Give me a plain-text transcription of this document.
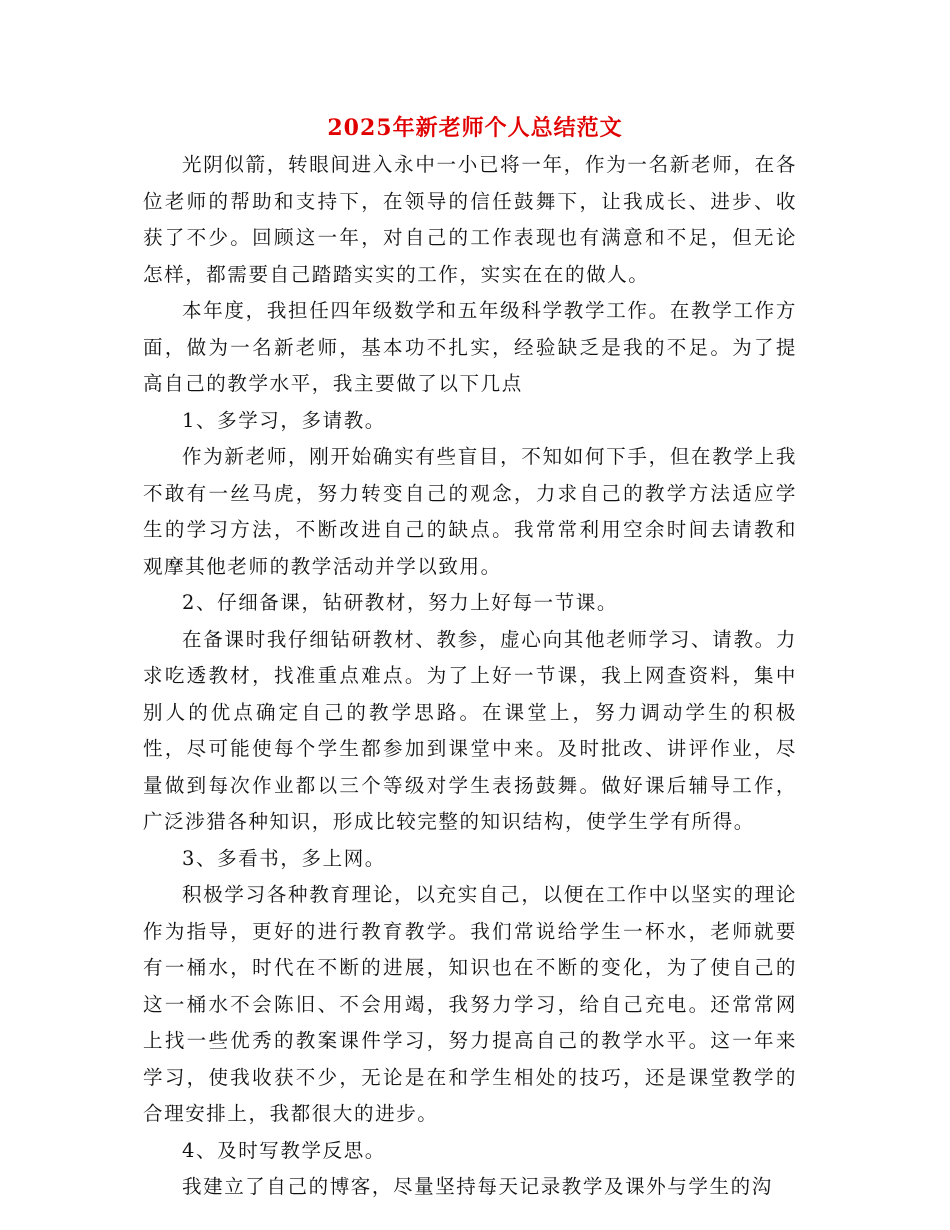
2025年新老师个人总结范文

光阴似箭，转眼间进入永中一小已将一年，作为一名新老师，在各位老师的帮助和支持下，在领导的信任鼓舞下，让我成长、进步、收获了不少。回顾这一年，对自己的工作表现也有满意和不足，但无论怎样，都需要自己踏踏实实的工作，实实在在的做人。

本年度，我担任四年级数学和五年级科学教学工作。在教学工作方面，做为一名新老师，基本功不扎实，经验缺乏是我的不足。为了提高自己的教学水平，我主要做了以下几点

1、多学习，多请教。

作为新老师，刚开始确实有些盲目，不知如何下手，但在教学上我不敢有一丝马虎，努力转变自己的观念，力求自己的教学方法适应学生的学习方法，不断改进自己的缺点。我常常利用空余时间去请教和观摩其他老师的教学活动并学以致用。

2、仔细备课，钻研教材，努力上好每一节课。

在备课时我仔细钻研教材、教参，虚心向其他老师学习、请教。力求吃透教材，找准重点难点。为了上好一节课，我上网查资料，集中别人的优点确定自己的教学思路。在课堂上，努力调动学生的积极性，尽可能使每个学生都参加到课堂中来。及时批改、讲评作业，尽量做到每次作业都以三个等级对学生表扬鼓舞。做好课后辅导工作，广泛涉猎各种知识，形成比较完整的知识结构，使学生学有所得。

3、多看书，多上网。

积极学习各种教育理论，以充实自己，以便在工作中以坚实的理论作为指导，更好的进行教育教学。我们常说给学生一杯水，老师就要有一桶水，时代在不断的进展，知识也在不断的变化，为了使自己的这一桶水不会陈旧、不会用竭，我努力学习，给自己充电。还常常网上找一些优秀的教案课件学习，努力提高自己的教学水平。这一年来学习，使我收获不少，无论是在和学生相处的技巧，还是课堂教学的合理安排上，我都很大的进步。

4、及时写教学反思。

我建立了自己的博客，尽量坚持每天记录教学及课外与学生的沟
